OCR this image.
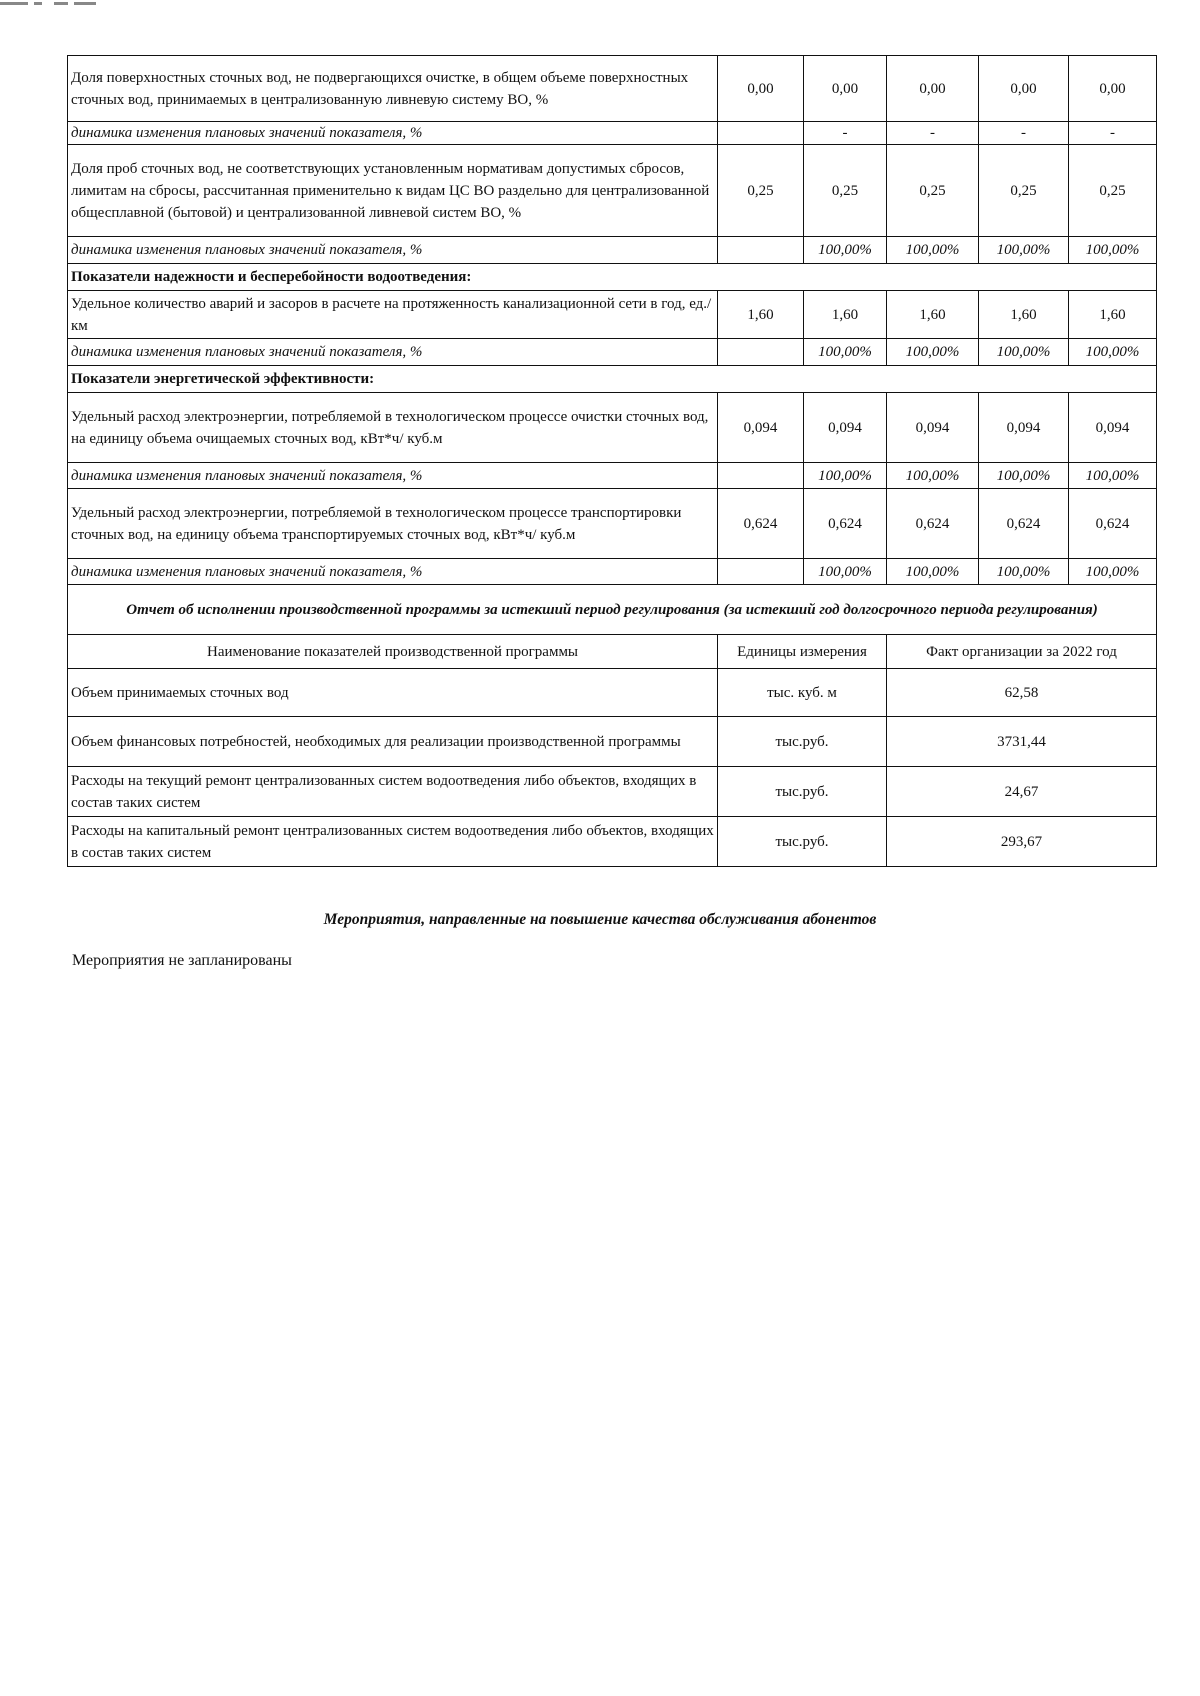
Доля поверхностных сточных вод, не подвергающихся очистке, в общем объеме поверхностных сточных вод, принимаемых в централизованную ливневую систему ВО, %	0,00	0,00	0,00	0,00	0,00
динамика изменения плановых значений показателя, %		-	-	-	-
Доля проб сточных вод, не соответствующих установленным нормативам допустимых сбросов, лимитам на сбросы, рассчитанная применительно к видам ЦС ВО раздельно для централизованной общесплавной (бытовой) и централизованной ливневой систем ВО, %	0,25	0,25	0,25	0,25	0,25
динамика изменения плановых значений показателя, %		100,00%	100,00%	100,00%	100,00%
Показатели надежности и бесперебойности водоотведения:					
Удельное количество аварий и засоров в расчете на протяженность канализационной сети в год, ед./км	1,60	1,60	1,60	1,60	1,60
динамика изменения плановых значений показателя, %		100,00%	100,00%	100,00%	100,00%
Показатели энергетической эффективности:					
Удельный расход электроэнергии, потребляемой в технологическом процессе очистки сточных вод, на единицу объема очищаемых сточных вод, кВт*ч/ куб.м	0,094	0,094	0,094	0,094	0,094
динамика изменения плановых значений показателя, %		100,00%	100,00%	100,00%	100,00%
Удельный расход электроэнергии, потребляемой в технологическом процессе транспортировки сточных вод, на единицу объема транспортируемых сточных вод, кВт*ч/ куб.м	0,624	0,624	0,624	0,624	0,624
динамика изменения плановых значений показателя, %		100,00%	100,00%	100,00%	100,00%
Отчет об исполнении производственной программы за истекший период регулирования (за истекший год долгосрочного периода регулирования)					
Наименование показателей производственной программы	Единицы измерения		Факт организации за 2022 год		
Объем принимаемых сточных вод	тыс. куб. м		62,58		
Объем финансовых потребностей, необходимых для реализации производственной программы	тыс.руб.		3731,44		
Расходы на текущий ремонт централизованных систем водоотведения либо объектов, входящих в состав таких систем	тыс.руб.		24,67		
Расходы на капитальный ремонт централизованных систем водоотведения либо объектов, входящих в состав таких систем	тыс.руб.		293,67		
Мероприятия, направленные на повышение качества обслуживания абонентов
Мероприятия не запланированы
